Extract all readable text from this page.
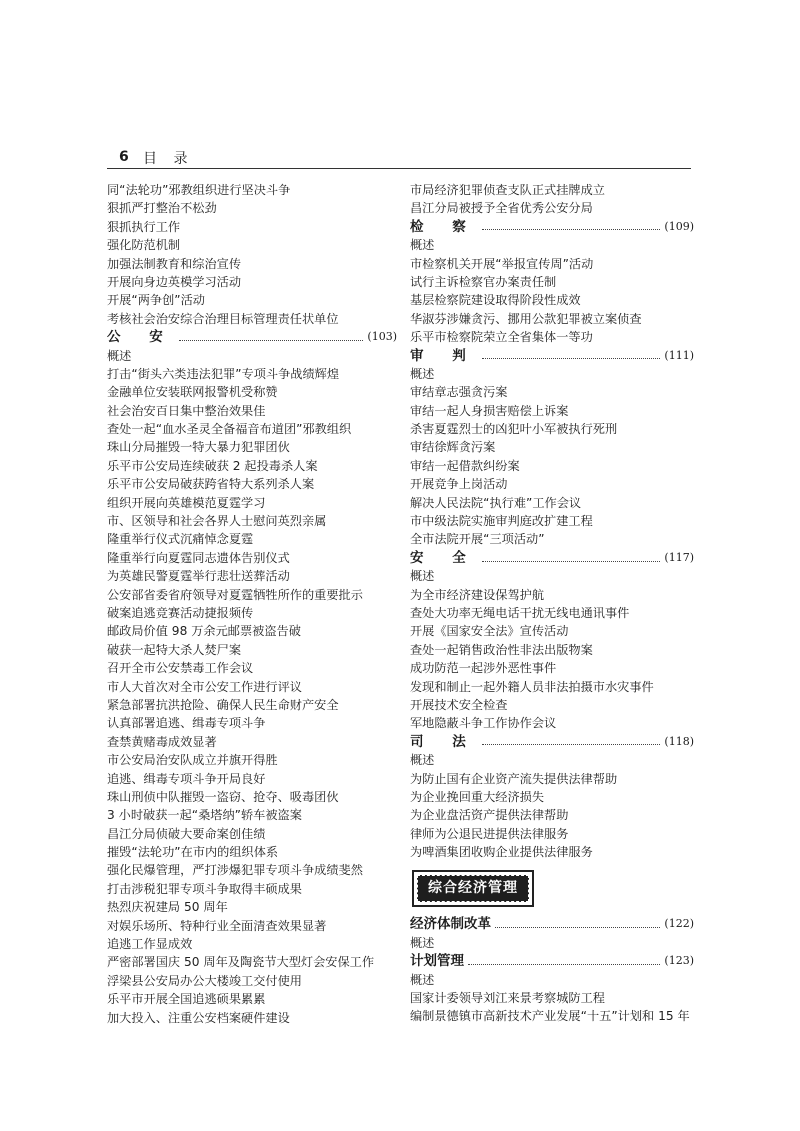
6 目 录
同“法轮功”邪教组织进行坚决斗争
狠抓严打整治不松劲
狠抓执行工作
强化防范机制
加强法制教育和综治宣传
开展向身边英模学习活动
开展“两争创”活动
考核社会治安综合治理目标管理责任状单位
公 安	(103)
概述
打击“街头六类违法犯罪”专项斗争战绩辉煌
金融单位安装联网报警机受称赞
社会治安百日集中整治效果佳
查处一起“血水圣灵全备福音布道团”邪教组织
珠山分局摧毁一特大暴力犯罪团伙
乐平市公安局连续破获 2 起投毒杀人案
乐平市公安局破获跨省特大系列杀人案
组织开展向英雄模范夏霆学习
市、区领导和社会各界人士慰问英烈亲属
隆重举行仪式沉痛悼念夏霆
隆重举行向夏霆同志遗体告别仪式
为英雄民警夏霆举行悲壮送葬活动
公安部省委省府领导对夏霆牺牲所作的重要批示
破案追逃竞赛活动捷报频传
邮政局价值 98 万余元邮票被盗告破
破获一起特大杀人焚尸案
召开全市公安禁毒工作会议
市人大首次对全市公安工作进行评议
紧急部署抗洪抢险、确保人民生命财产安全
认真部署追逃、缉毒专项斗争
查禁黄赌毒成效显著
市公安局治安队成立并旗开得胜
追逃、缉毒专项斗争开局良好
珠山刑侦中队摧毁一盗窃、抢夺、吸毒团伙
3 小时破获一起“桑塔纳”轿车被盗案
昌江分局侦破大要命案创佳绩
摧毁“法轮功”在市内的组织体系
强化民爆管理，严打涉爆犯罪专项斗争成绩斐然
打击涉税犯罪专项斗争取得丰硕成果
热烈庆祝建局 50 周年
对娱乐场所、特种行业全面清查效果显著
追逃工作显成效
严密部署国庆 50 周年及陶瓷节大型灯会安保工作
浮梁县公安局办公大楼竣工交付使用
乐平市开展全国追逃硕果累累
加大投入、注重公安档案硬件建设
市局经济犯罪侦查支队正式挂牌成立
昌江分局被授予全省优秀公安分局
检 察	(109)
概述
市检察机关开展“举报宣传周”活动
试行主诉检察官办案责任制
基层检察院建设取得阶段性成效
华淑芬涉嫌贪污、挪用公款犯罪被立案侦查
乐平市检察院荣立全省集体一等功
审 判	(111)
概述
审结章志强贪污案
审结一起人身损害赔偿上诉案
杀害夏霆烈士的凶犯叶小军被执行死刑
审结徐辉贪污案
审结一起借款纠纷案
开展竞争上岗活动
解决人民法院“执行难”工作会议
市中级法院实施审判庭改扩建工程
全市法院开展“三项活动”
安 全	(117)
概述
为全市经济建设保驾护航
查处大功率无绳电话干扰无线电通讯事件
开展《国家安全法》宣传活动
查处一起销售政治性非法出版物案
成功防范一起涉外恶性事件
发现和制止一起外籍人员非法拍摄市水灾事件
开展技术安全检查
军地隐蔽斗争工作协作会议
司 法	(118)
概述
为防止国有企业资产流失提供法律帮助
为企业挽回重大经济损失
为企业盘活资产提供法律帮助
律师为公退民进提供法律服务
为啤酒集团收购企业提供法律服务
综合经济管理
经济体制改革	(122)
概述
计划管理	(123)
概述
国家计委领导刘江来景考察城防工程
编制景德镇市高新技术产业发展“十五”计划和 15 年
